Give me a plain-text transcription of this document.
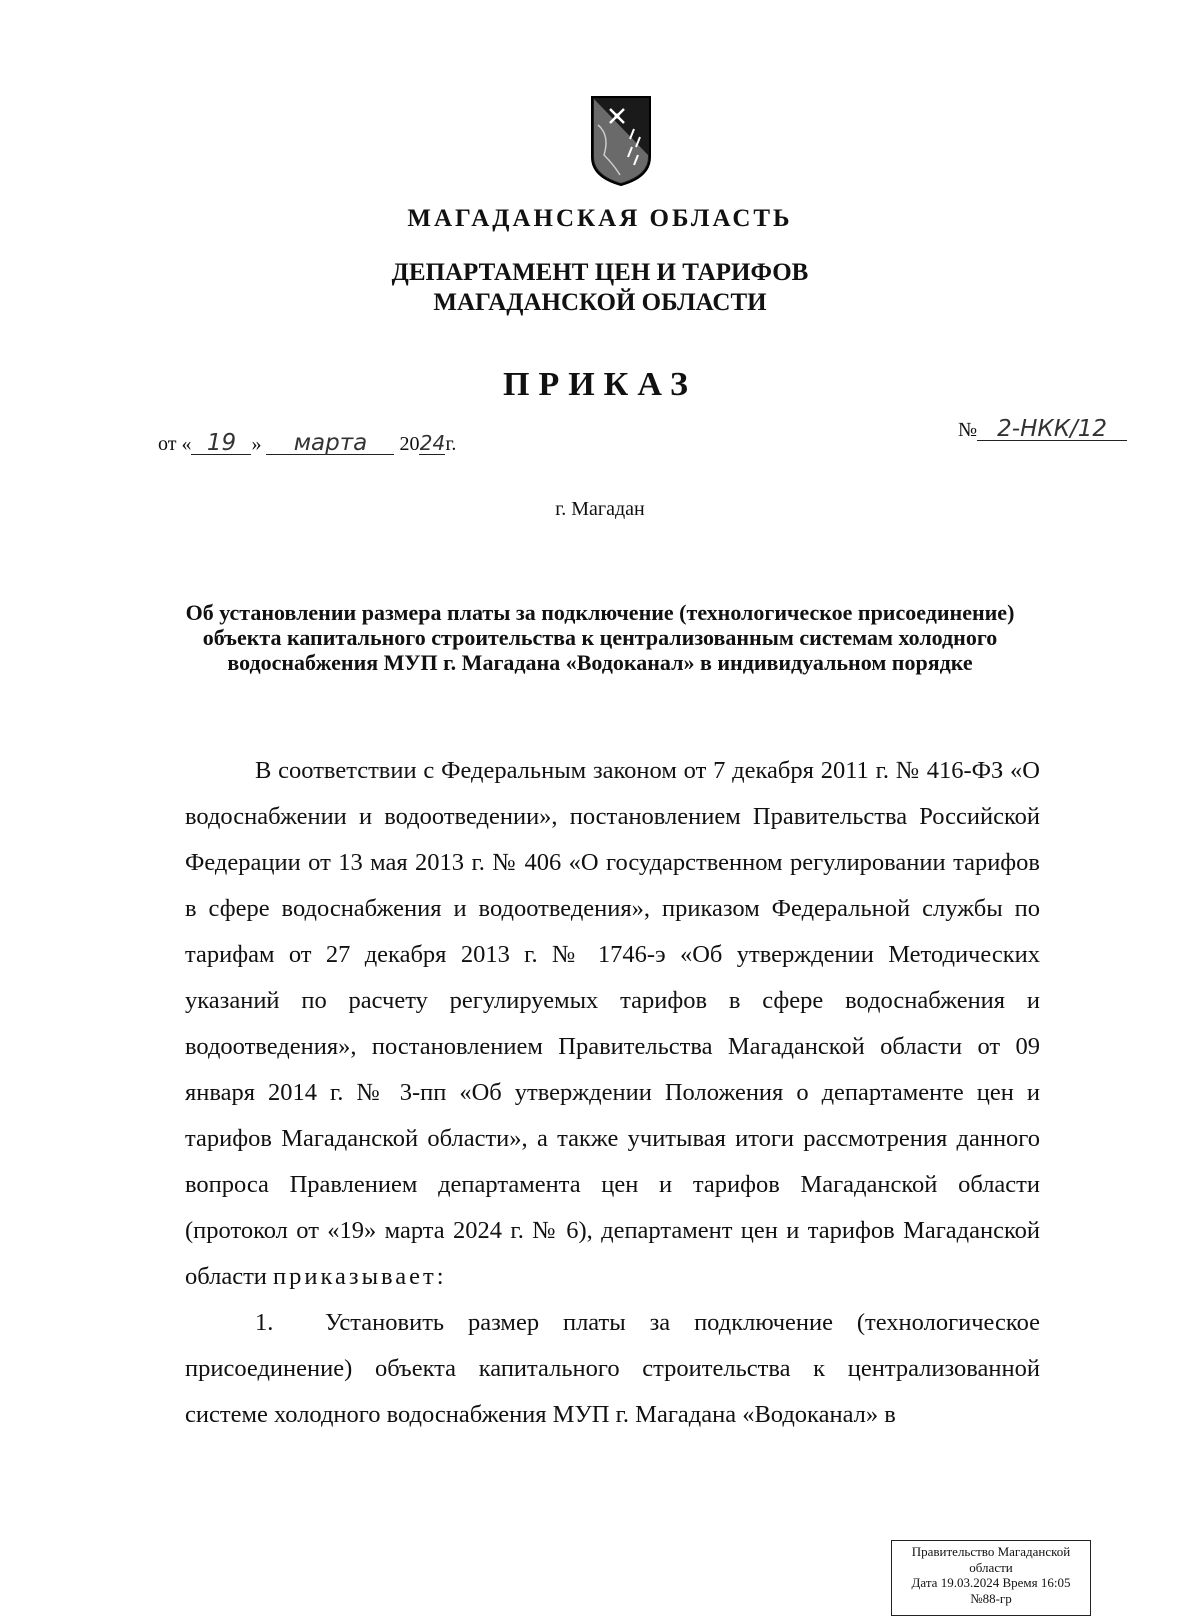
МАГАДАНСКАЯ ОБЛАСТЬ
ДЕПАРТАМЕНТ ЦЕН И ТАРИФОВ
МАГАДАНСКОЙ ОБЛАСТИ
ПРИКАЗ
от « 19 » марта 2024г.
№ 2-НКК/12
г. Магадан
Об установлении размера платы за подключение (технологическое присоединение) объекта капитального строительства к централизованным системам холодного водоснабжения МУП г. Магадана «Водоканал» в индивидуальном порядке

В соответствии с Федеральным законом от 7 декабря 2011 г. № 416-ФЗ «О водоснабжении и водоотведении», постановлением Правительства Российской Федерации от 13 мая 2013 г. № 406 «О государственном регулировании тарифов в сфере водоснабжения и водоотведения», приказом Федеральной службы по тарифам от 27 декабря 2013 г. № 1746-э «Об утверждении Методических указаний по расчету регулируемых тарифов в сфере водоснабжения и водоотведения», постановлением Правительства Магаданской области от 09 января 2014 г. № 3-пп «Об утверждении Положения о департаменте цен и тарифов Магаданской области», а также учитывая итоги рассмотрения данного вопроса Правлением департамента цен и тарифов Магаданской области (протокол от «19» марта 2024 г. № 6), департамент цен и тарифов Магаданской области приказывает:

1. Установить размер платы за подключение (технологическое присоединение) объекта капитального строительства к централизованной системе холодного водоснабжения МУП г. Магадана «Водоканал» в

Правительство Магаданской
области
Дата 19.03.2024 Время 16:05
№88-гр
